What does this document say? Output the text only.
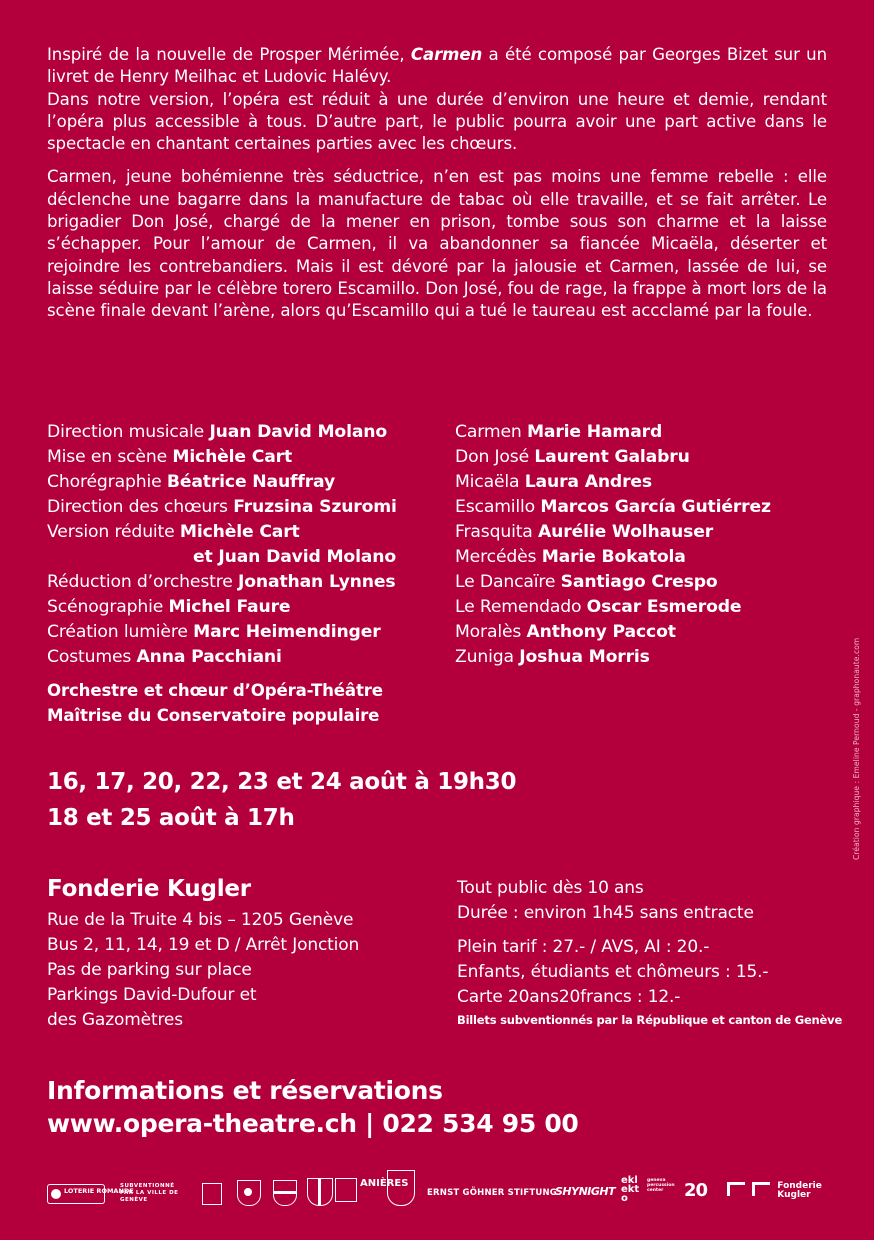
Inspiré de la nouvelle de Prosper Mérimée, Carmen a été composé par Georges Bizet sur un livret de Henry Meilhac et Ludovic Halévy.

Dans notre version, l’opéra est réduit à une durée d’environ une heure et demie, rendant l’opéra plus accessible à tous. D’autre part, le public pourra avoir une part active dans le spectacle en chantant certaines parties avec les chœurs.

Carmen, jeune bohémienne très séductrice, n’en est pas moins une femme rebelle : elle déclenche une bagarre dans la manufacture de tabac où elle travaille, et se fait arrêter. Le brigadier Don José, chargé de la mener en prison, tombe sous son charme et la laisse s’échapper. Pour l’amour de Carmen, il va abandonner sa fiancée Micaëla, déserter et rejoindre les contrebandiers. Mais il est dévoré par la jalousie et Carmen, lassée de lui, se laisse séduire par le célèbre torero Escamillo. Don José, fou de rage, la frappe à mort lors de la scène finale devant l’arène, alors qu’Escamillo qui a tué le taureau est accclamé par la foule.

Direction musicale Juan David Molano
Mise en scène Michèle Cart
Chorégraphie Béatrice Nauffray
Direction des chœurs Fruzsina Szuromi
Version réduite Michèle Cart
et Juan David Molano
Réduction d’orchestre Jonathan Lynnes
Scénographie Michel Faure
Création lumière Marc Heimendinger
Costumes Anna Pacchiani
Orchestre et chœur d’Opéra-Théâtre
Maîtrise du Conservatoire populaire
Carmen Marie Hamard
Don José Laurent Galabru
Micaëla Laura Andres
Escamillo Marcos García Gutiérrez
Frasquita Aurélie Wolhauser
Mercédès Marie Bokatola
Le Dancaïre Santiago Crespo
Le Remendado Oscar Esmerode
Moralès Anthony Paccot
Zuniga Joshua Morris
16, 17, 20, 22, 23 et 24 août à 19h30
18 et 25 août à 17h
Fonderie Kugler
Rue de la Truite 4 bis – 1205 Genève
Bus 2, 11, 14, 19 et D / Arrêt Jonction
Pas de parking sur place
Parkings David-Dufour et
des Gazomètres
Tout public dès 10 ans
Durée : environ 1h45 sans entracte
Plein tarif : 27.- / AVS, AI : 20.-
Enfants, étudiants et chômeurs : 15.-
Carte 20ans20francs : 12.-
Billets subventionnés par la République et canton de Genève
Informations et réservations
www.opera-theatre.ch | 022 534 95 00
Création graphique : Emeline Pernoud - graphonaute.com
LOTERIE ROMANDE
SUBVENTIONNÉ PAR LA VILLE DE GENÈVE
ANIÈRES
ERNST GÖHNER STIFTUNG
SHYNIGHT
eklekto
geneva percussion center	20	Fonderie Kugler
